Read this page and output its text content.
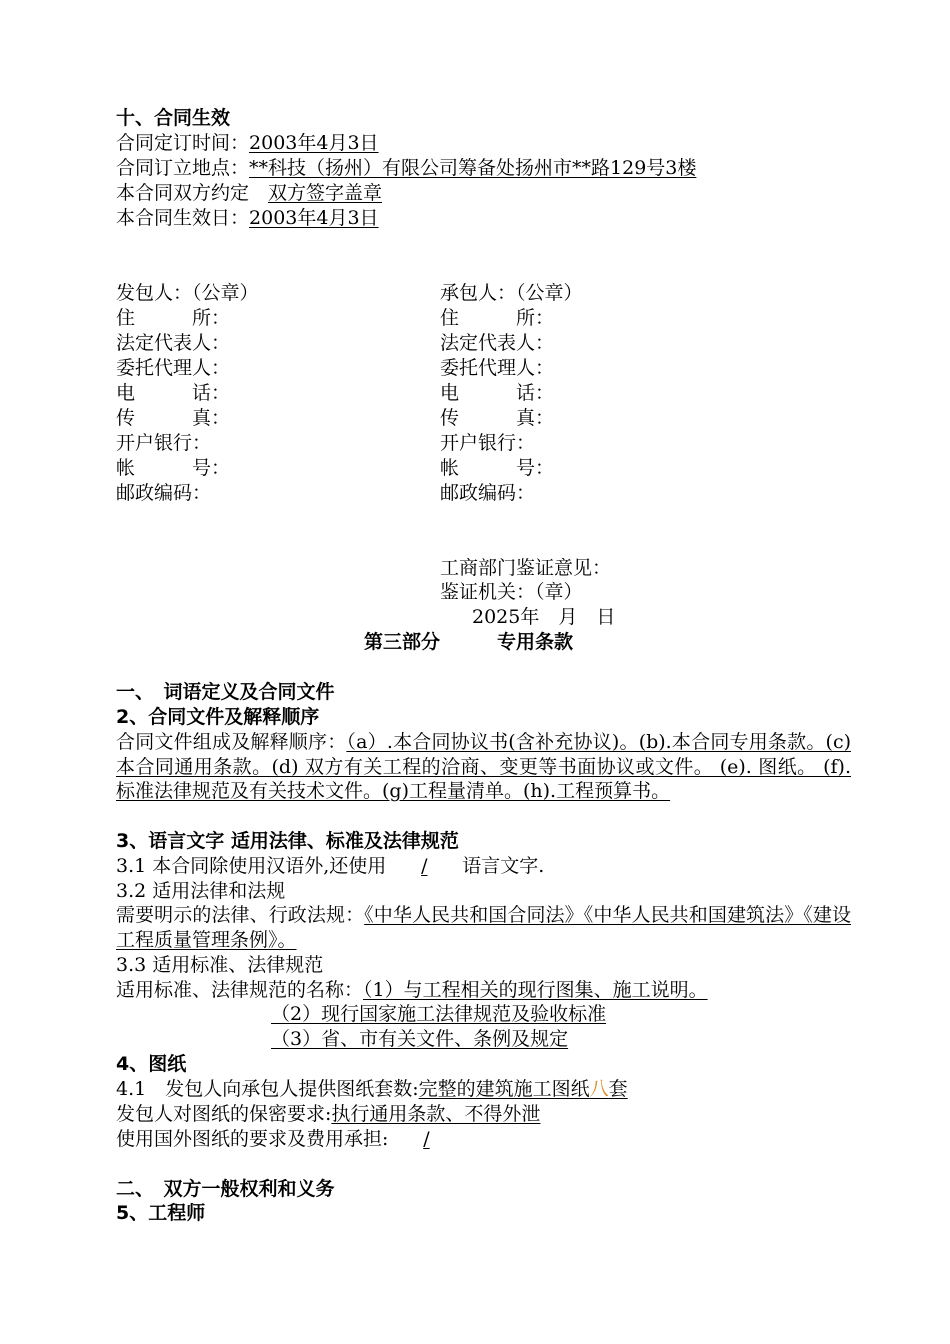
十、合同生效
合同定订时间：2003年4月3日
合同订立地点：**科技（扬州）有限公司筹备处扬州市**路129号3楼
本合同双方约定 双方签字盖章
本合同生效日：2003年4月3日
发包人：（公章）
住　　　所：
法定代表人：
委托代理人：
电　　　话：
传　　　真：
开户银行：
帐　　　号：
邮政编码：
承包人：（公章）
住　　　所：
法定代表人：
委托代理人：
电　　　话：
传　　　真：
开户银行：
帐　　　号：
邮政编码：
工商部门鉴证意见：
鉴证机关：（章）
2025年　月　日
第三部分　　　专用条款
一、　词语定义及合同文件
2、合同文件及解释顺序
合同文件组成及解释顺序：（a）.本合同协议书(含补充协议)。(b).本合同专用条款。(c)本合同通用条款。(d) 双方有关工程的洽商、变更等书面协议或文件。 (e). 图纸。 (f).标准法律规范及有关技术文件。(g)工程量清单。(h).工程预算书。
3、语言文字 适用法律、标准及法律规范
3.1 本合同除使用汉语外,还使用 / 语言文字.
3.2 适用法律和法规
需要明示的法律、行政法规：《中华人民共和国合同法》《中华人民共和国建筑法》《建设工程质量管理条例》。
3.3 适用标准、法律规范
适用标准、法律规范的名称：（1）与工程相关的现行图集、施工说明。
（2）现行国家施工法律规范及验收标准
（3）省、市有关文件、条例及规定
4、图纸
4.1　发包人向承包人提供图纸套数:完整的建筑施工图纸八套
发包人对图纸的保密要求:执行通用条款、不得外泄
使用国外图纸的要求及费用承担: /
二、　双方一般权利和义务
5、工程师
